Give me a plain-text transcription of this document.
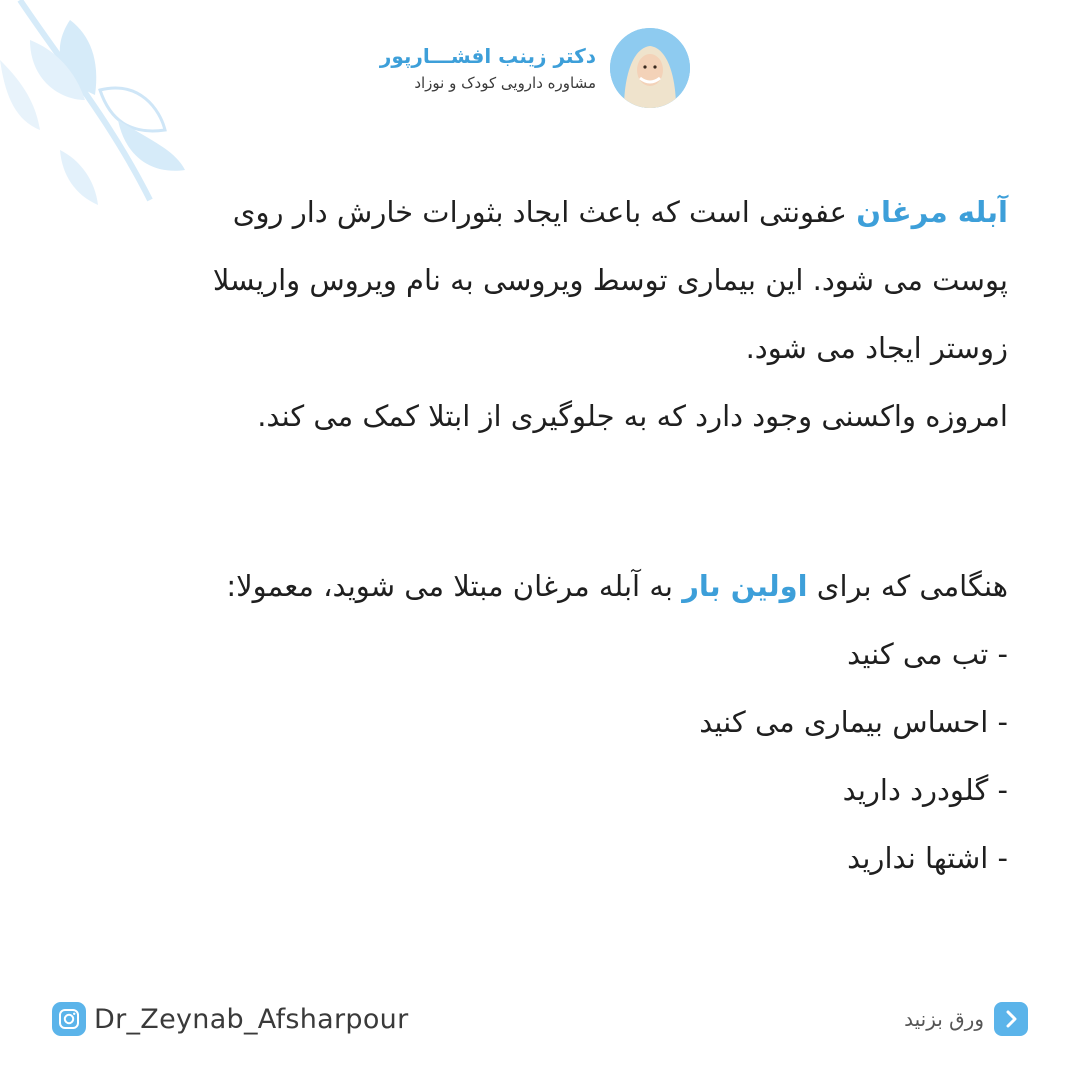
دکتر زینب افشـــارپور
مشاوره دارویی کودک و نوزاد
آبله مرغان عفونتی است که باعث ایجاد بثورات خارش دار روی
پوست می شود. این بیماری توسط ویروسی به نام ویروس واریسلا
زوستر ایجاد می شود.
امروزه واکسنی وجود دارد که به جلوگیری از ابتلا کمک می کند.
هنگامی که برای اولین بار به آبله مرغان مبتلا می شوید، معمولا:
- تب می کنید
- احساس بیماری می کنید
- گلودرد دارید
- اشتها ندارید
Dr_Zeynab_Afsharpour	ورق بزنید
